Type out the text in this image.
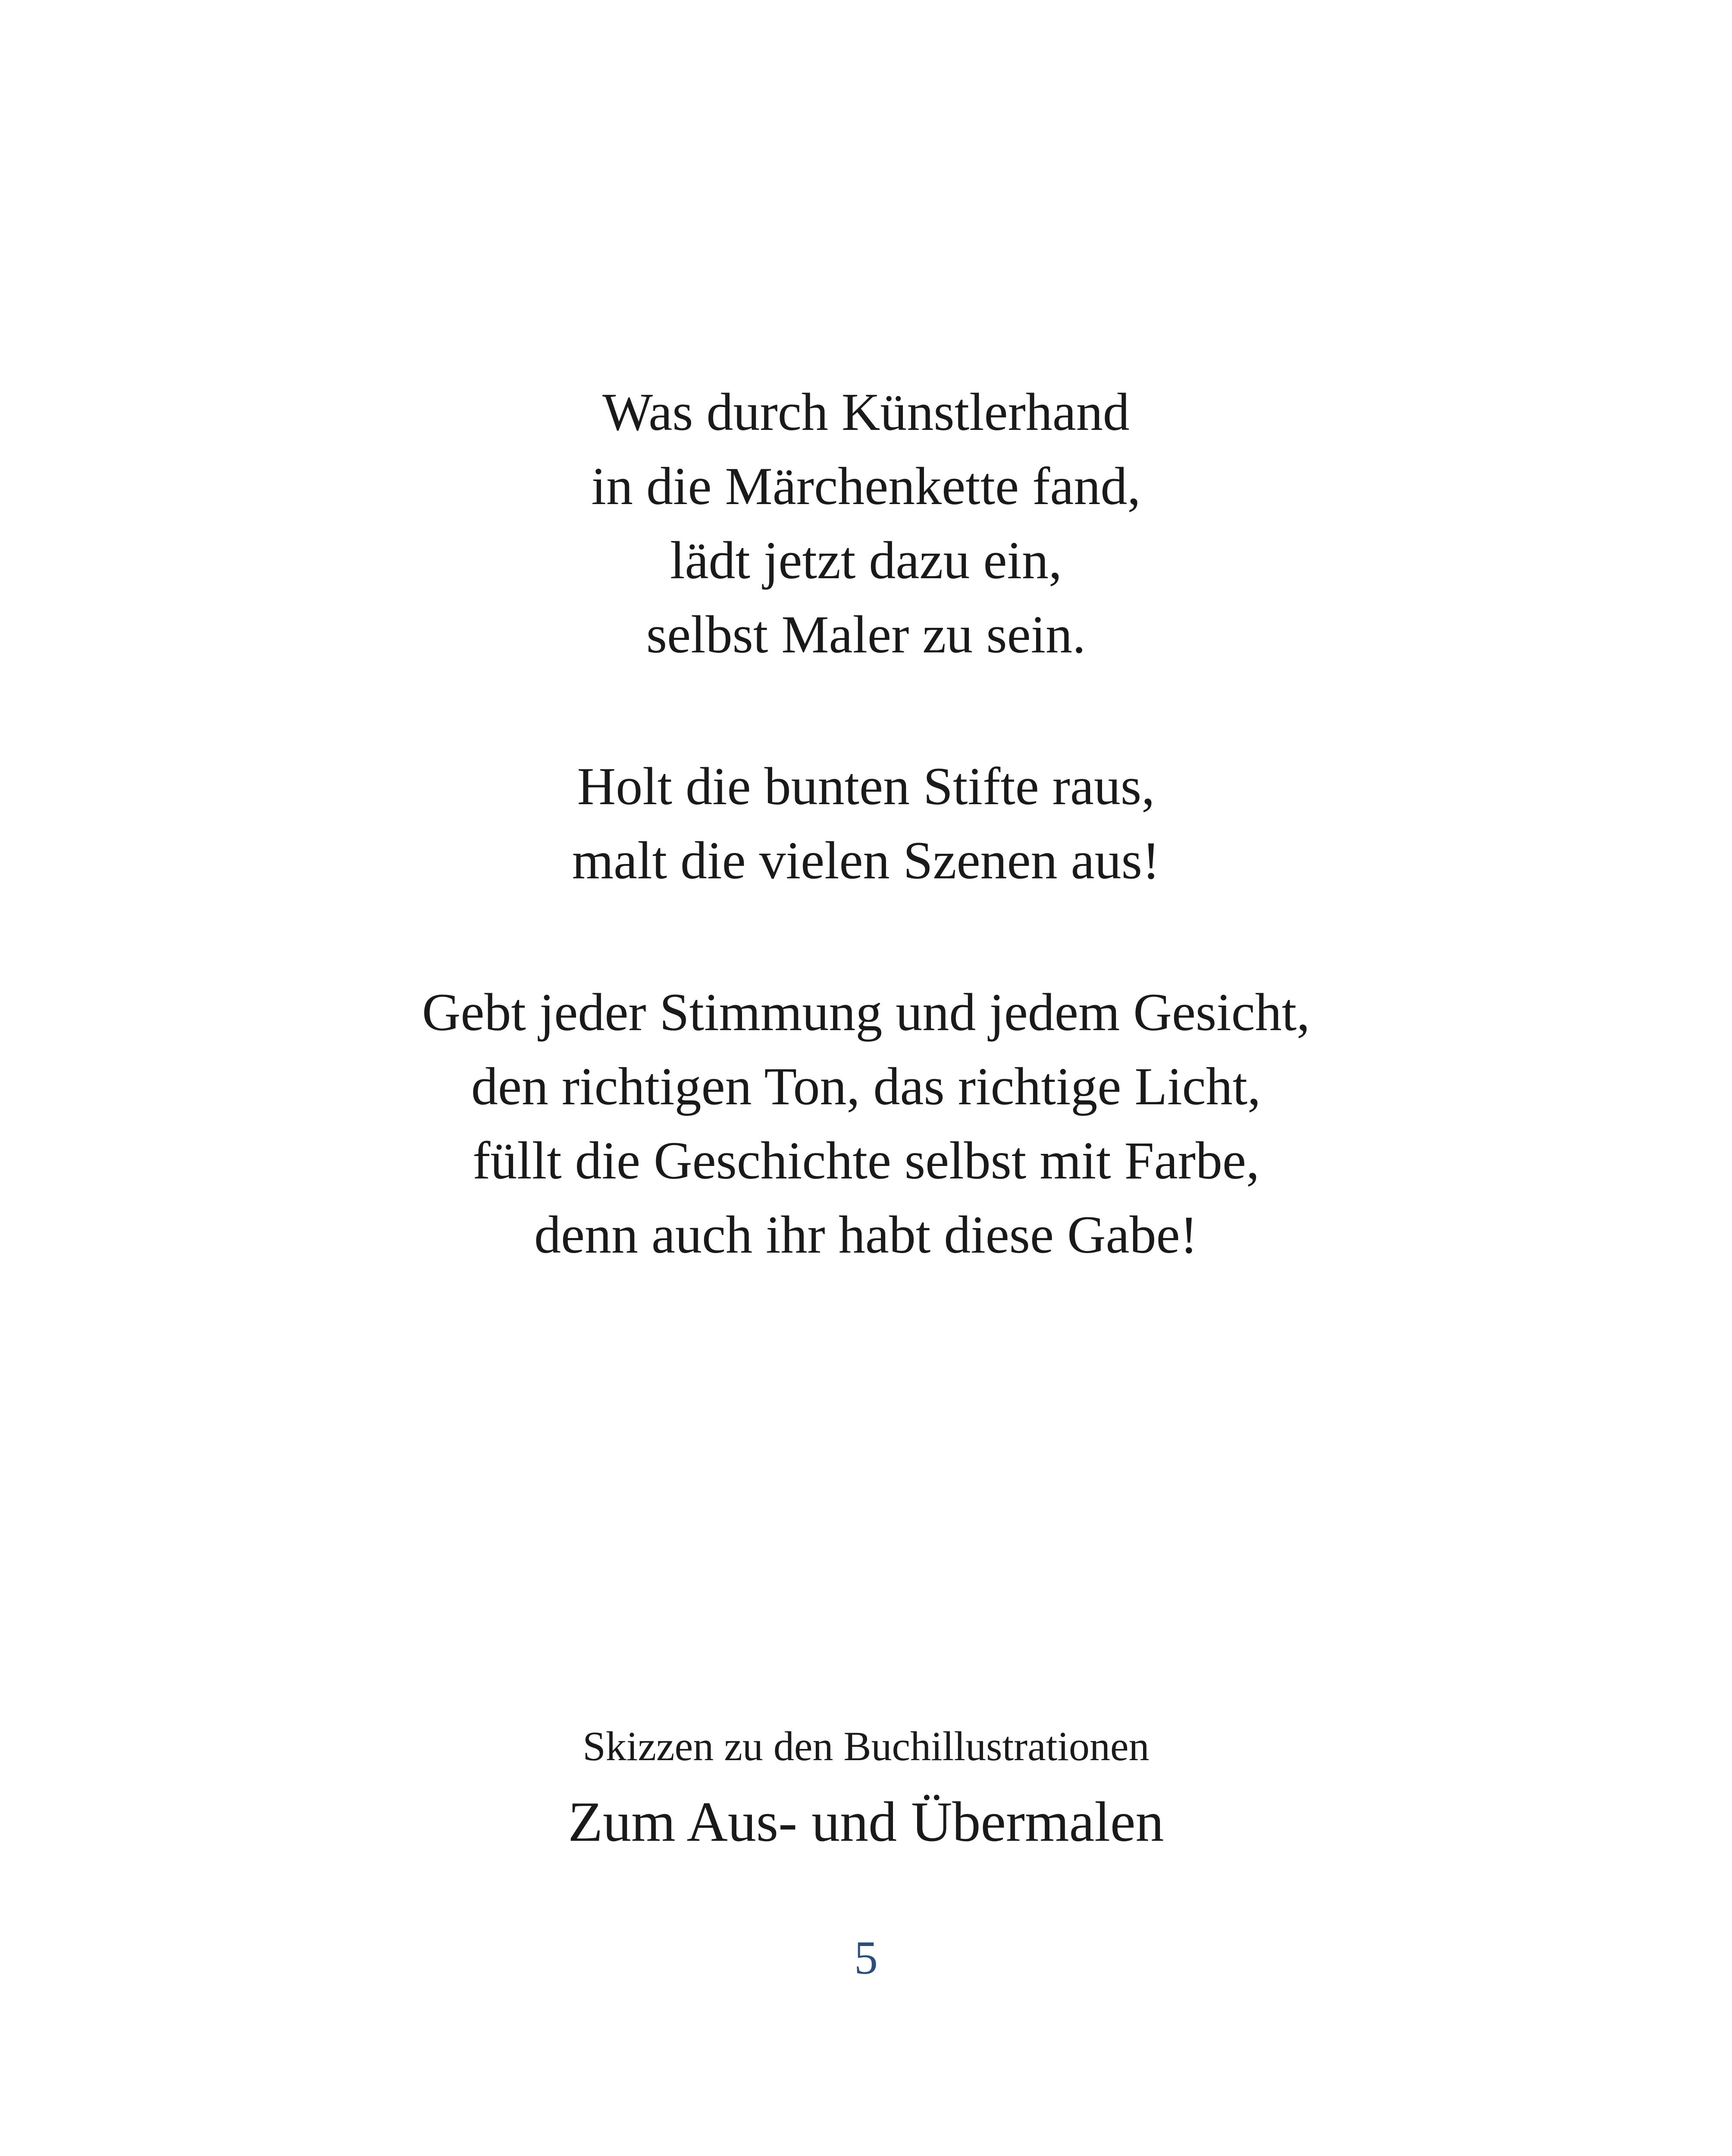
Was durch Künstlerhand
in die Märchenkette fand,
lädt jetzt dazu ein,
selbst Maler zu sein.
Holt die bunten Stifte raus,
malt die vielen Szenen aus!
Gebt jeder Stimmung und jedem Gesicht,
den richtigen Ton, das richtige Licht,
füllt die Geschichte selbst mit Farbe,
denn auch ihr habt diese Gabe!
Skizzen zu den Buchillustrationen
Zum Aus- und Übermalen
5
